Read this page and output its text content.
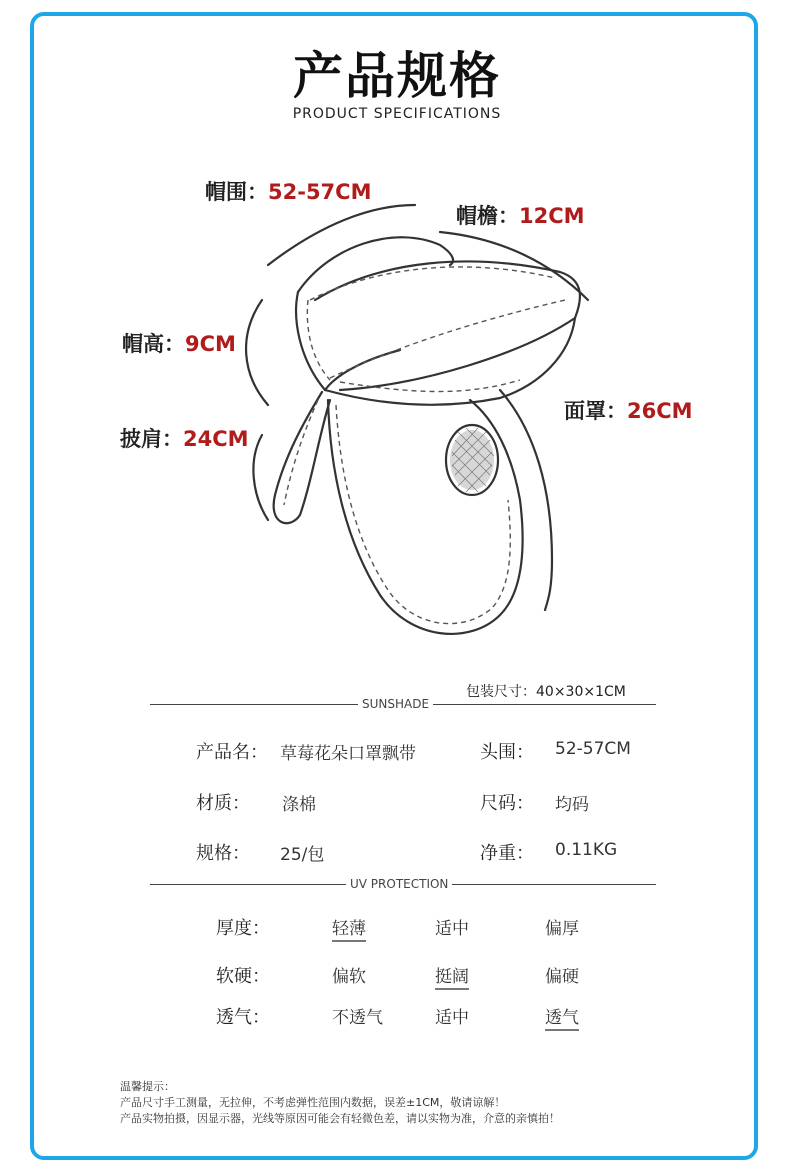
产品规格
PRODUCT SPECIFICATIONS
帽围：52-57CM
帽檐：12CM
帽高：9CM
面罩：26CM
披肩：24CM
包装尺寸：40×30×1CM
SUNSHADE
产品名： 草莓花朵口罩飘带	头围： 52-57CM
材质： 涤棉	尺码： 均码
规格： 25/包	净重： 0.11KG
UV PROTECTION
厚度：	轻薄	适中	偏厚
软硬：	偏软	挺阔	偏硬
透气：	不透气	适中	透气
温馨提示：
产品尺寸手工测量，无拉伸，不考虑弹性范围内数据，误差±1CM，敬请谅解！
产品实物拍摄，因显示器，光线等原因可能会有轻微色差，请以实物为准，介意的亲慎拍！
